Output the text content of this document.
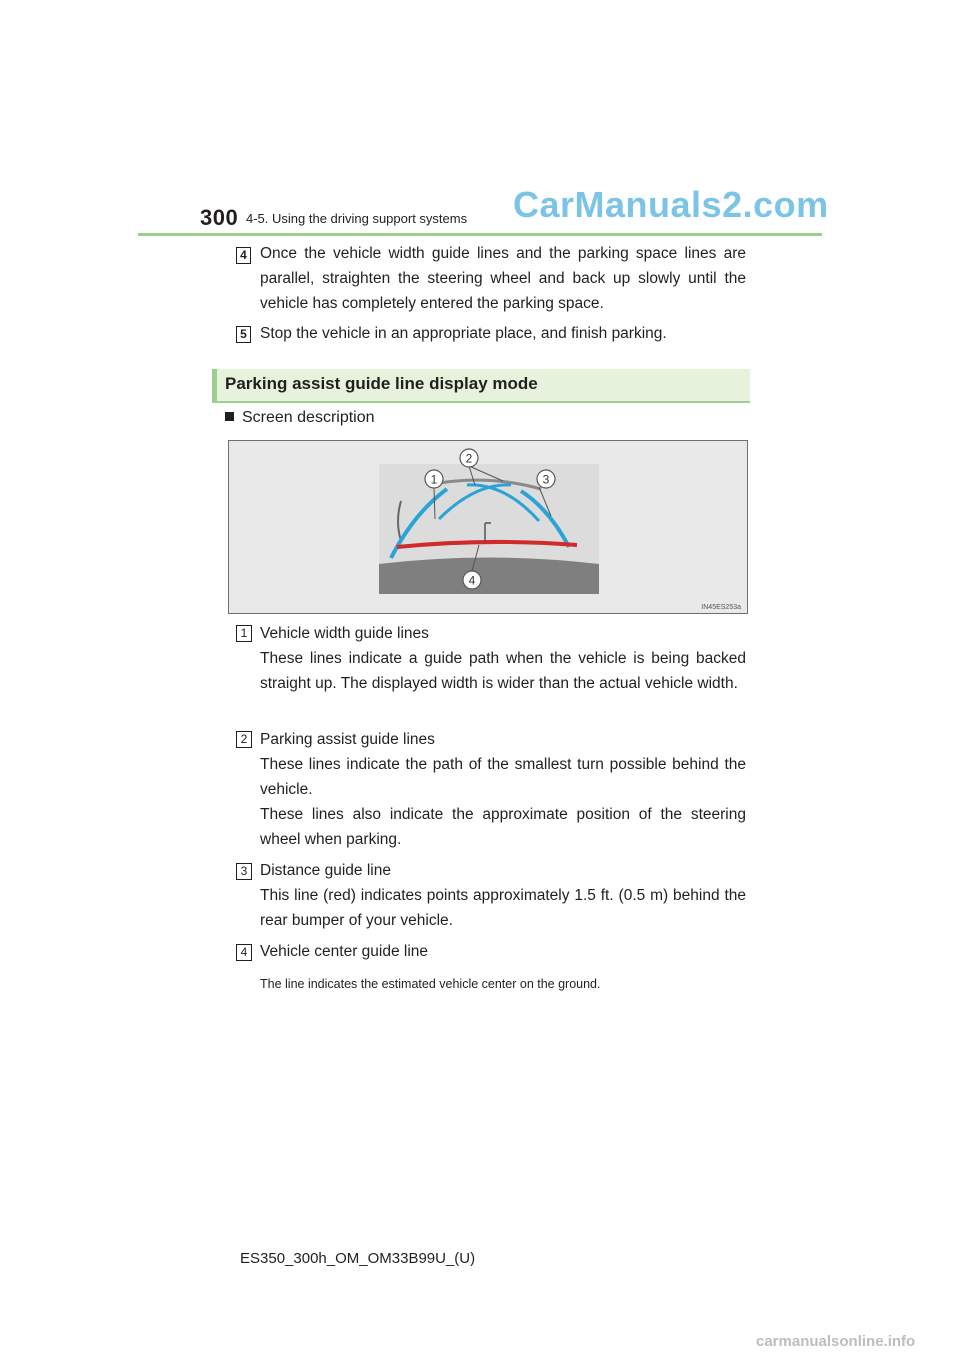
300 4-5. Using the driving support systems CarManuals2.com
4 Once the vehicle width guide lines and the parking space lines are parallel, straighten the steering wheel and back up slowly until the vehicle has completely entered the parking space.
5 Stop the vehicle in an appropriate place, and finish parking.
Parking assist guide line display mode
Screen description
1
2
3
4
IN45ES253a
1 Vehicle width guide lines
These lines indicate a guide path when the vehicle is being backed straight up. The displayed width is wider than the actual vehicle width.
2 Parking assist guide lines
These lines indicate the path of the smallest turn possible behind the vehicle.
These lines also indicate the approximate position of the steering wheel when parking.
3 Distance guide line
This line (red) indicates points approximately 1.5 ft. (0.5 m) behind the rear bumper of your vehicle.
4 Vehicle center guide line
The line indicates the estimated vehicle center on the ground.
ES350_300h_OM_OM33B99U_(U)
carmanualsonline.info
